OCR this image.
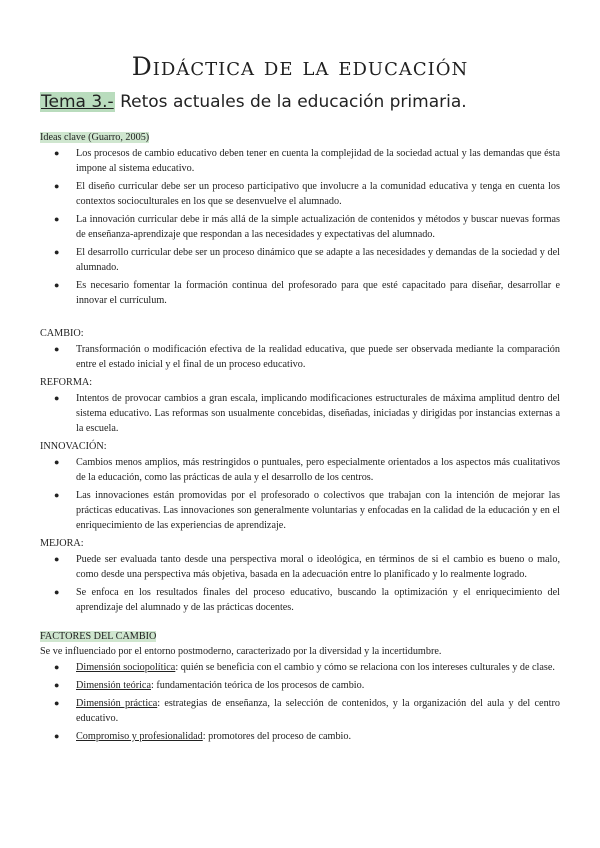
Didáctica de la educación
Tema 3.- Retos actuales de la educación primaria.

Ideas clave (Guarro, 2005)

● Los procesos de cambio educativo deben tener en cuenta la complejidad de la sociedad actual y las demandas que ésta impone al sistema educativo.
● El diseño curricular debe ser un proceso participativo que involucre a la comunidad educativa y tenga en cuenta los contextos socioculturales en los que se desenvuelve el alumnado.
● La innovación curricular debe ir más allá de la simple actualización de contenidos y métodos y buscar nuevas formas de enseñanza-aprendizaje que respondan a las necesidades y expectativas del alumnado.
● El desarrollo curricular debe ser un proceso dinámico que se adapte a las necesidades y demandas de la sociedad y del alumnado.
● Es necesario fomentar la formación continua del profesorado para que esté capacitado para diseñar, desarrollar e innovar el currículum.

CAMBIO:

● Transformación o modificación efectiva de la realidad educativa, que puede ser observada mediante la comparación entre el estado inicial y el final de un proceso educativo.

REFORMA:

● Intentos de provocar cambios a gran escala, implicando modificaciones estructurales de máxima amplitud dentro del sistema educativo. Las reformas son usualmente concebidas, diseñadas, iniciadas y dirigidas por instancias externas a la escuela.

INNOVACIÓN:

● Cambios menos amplios, más restringidos o puntuales, pero especialmente orientados a los aspectos más cualitativos de la educación, como las prácticas de aula y el desarrollo de los centros.
● Las innovaciones están promovidas por el profesorado o colectivos que trabajan con la intención de mejorar las prácticas educativas. Las innovaciones son generalmente voluntarias y enfocadas en la calidad de la educación y en el enriquecimiento de las experiencias de aprendizaje.

MEJORA:

● Puede ser evaluada tanto desde una perspectiva moral o ideológica, en términos de si el cambio es bueno o malo, como desde una perspectiva más objetiva, basada en la adecuación entre lo planificado y lo realmente logrado.
● Se enfoca en los resultados finales del proceso educativo, buscando la optimización y el enriquecimiento del aprendizaje del alumnado y de las prácticas docentes.

FACTORES DEL CAMBIO

Se ve influenciado por el entorno postmoderno, caracterizado por la diversidad y la incertidumbre.

● Dimensión sociopolítica: quién se beneficia con el cambio y cómo se relaciona con los intereses culturales y de clase.
● Dimensión teórica: fundamentación teórica de los procesos de cambio.
● Dimensión práctica: estrategias de enseñanza, la selección de contenidos, y la organización del aula y del centro educativo.
● Compromiso y profesionalidad: promotores del proceso de cambio.
